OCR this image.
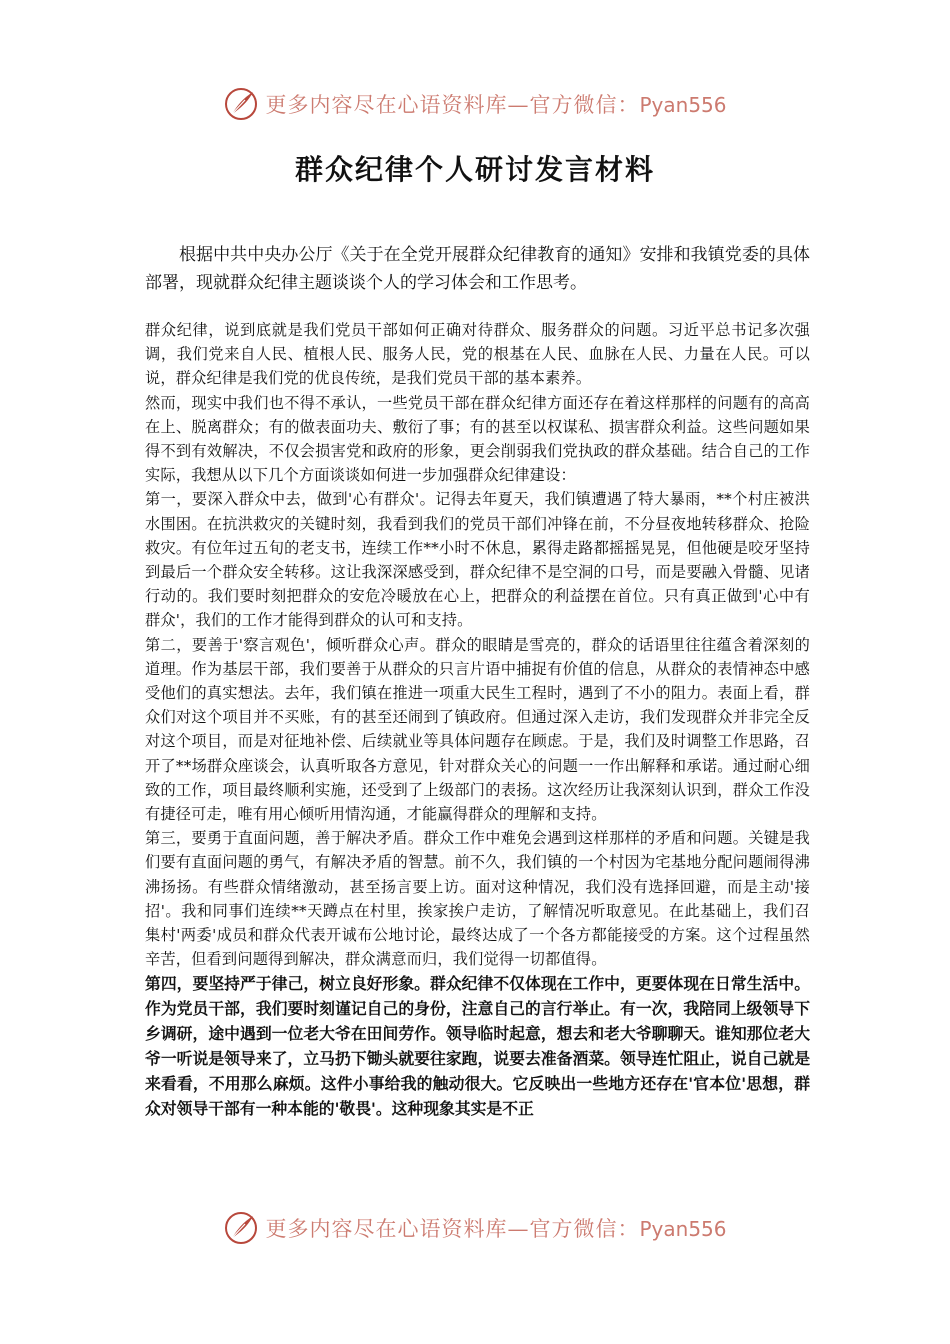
更多内容尽在心语资料库—官方微信：Pyan556
群众纪律个人研讨发言材料

根据中共中央办公厅《关于在全党开展群众纪律教育的通知》安排和我镇党委的具体部署，现就群众纪律主题谈谈个人的学习体会和工作思考。

群众纪律，说到底就是我们党员干部如何正确对待群众、服务群众的问题。习近平总书记多次强调，我们党来自人民、植根人民、服务人民，党的根基在人民、血脉在人民、力量在人民。可以说，群众纪律是我们党的优良传统，是我们党员干部的基本素养。

然而，现实中我们也不得不承认，一些党员干部在群众纪律方面还存在着这样那样的问题有的高高在上、脱离群众；有的做表面功夫、敷衍了事；有的甚至以权谋私、损害群众利益。这些问题如果得不到有效解决，不仅会损害党和政府的形象，更会削弱我们党执政的群众基础。结合自己的工作实际，我想从以下几个方面谈谈如何进一步加强群众纪律建设：

第一，要深入群众中去，做到'心有群众'。记得去年夏天，我们镇遭遇了特大暴雨，**个村庄被洪水围困。在抗洪救灾的关键时刻，我看到我们的党员干部们冲锋在前，不分昼夜地转移群众、抢险救灾。有位年过五旬的老支书，连续工作**小时不休息，累得走路都摇摇晃晃，但他硬是咬牙坚持到最后一个群众安全转移。这让我深深感受到，群众纪律不是空洞的口号，而是要融入骨髓、见诸行动的。我们要时刻把群众的安危冷暖放在心上，把群众的利益摆在首位。只有真正做到'心中有群众'，我们的工作才能得到群众的认可和支持。

第二，要善于'察言观色'，倾听群众心声。群众的眼睛是雪亮的，群众的话语里往往蕴含着深刻的道理。作为基层干部，我们要善于从群众的只言片语中捕捉有价值的信息，从群众的表情神态中感受他们的真实想法。去年，我们镇在推进一项重大民生工程时，遇到了不小的阻力。表面上看，群众们对这个项目并不买账，有的甚至还闹到了镇政府。但通过深入走访，我们发现群众并非完全反对这个项目，而是对征地补偿、后续就业等具体问题存在顾虑。于是，我们及时调整工作思路，召开了**场群众座谈会，认真听取各方意见，针对群众关心的问题一一作出解释和承诺。通过耐心细致的工作，项目最终顺利实施，还受到了上级部门的表扬。这次经历让我深刻认识到，群众工作没有捷径可走，唯有用心倾听用情沟通，才能赢得群众的理解和支持。

第三，要勇于直面问题，善于解决矛盾。群众工作中难免会遇到这样那样的矛盾和问题。关键是我们要有直面问题的勇气，有解决矛盾的智慧。前不久，我们镇的一个村因为宅基地分配问题闹得沸沸扬扬。有些群众情绪激动，甚至扬言要上访。面对这种情况，我们没有选择回避，而是主动'接招'。我和同事们连续**天蹲点在村里，挨家挨户走访，了解情况听取意见。在此基础上，我们召集村'两委'成员和群众代表开诚布公地讨论，最终达成了一个各方都能接受的方案。这个过程虽然辛苦，但看到问题得到解决，群众满意而归，我们觉得一切都值得。

第四，要坚持严于律己，树立良好形象。群众纪律不仅体现在工作中，更要体现在日常生活中。作为党员干部，我们要时刻谨记自己的身份，注意自己的言行举止。有一次，我陪同上级领导下乡调研，途中遇到一位老大爷在田间劳作。领导临时起意，想去和老大爷聊聊天。谁知那位老大爷一听说是领导来了，立马扔下锄头就要往家跑，说要去准备酒菜。领导连忙阻止，说自己就是来看看，不用那么麻烦。这件小事给我的触动很大。它反映出一些地方还存在'官本位'思想，群众对领导干部有一种本能的'敬畏'。这种现象其实是不正

更多内容尽在心语资料库—官方微信：Pyan556
